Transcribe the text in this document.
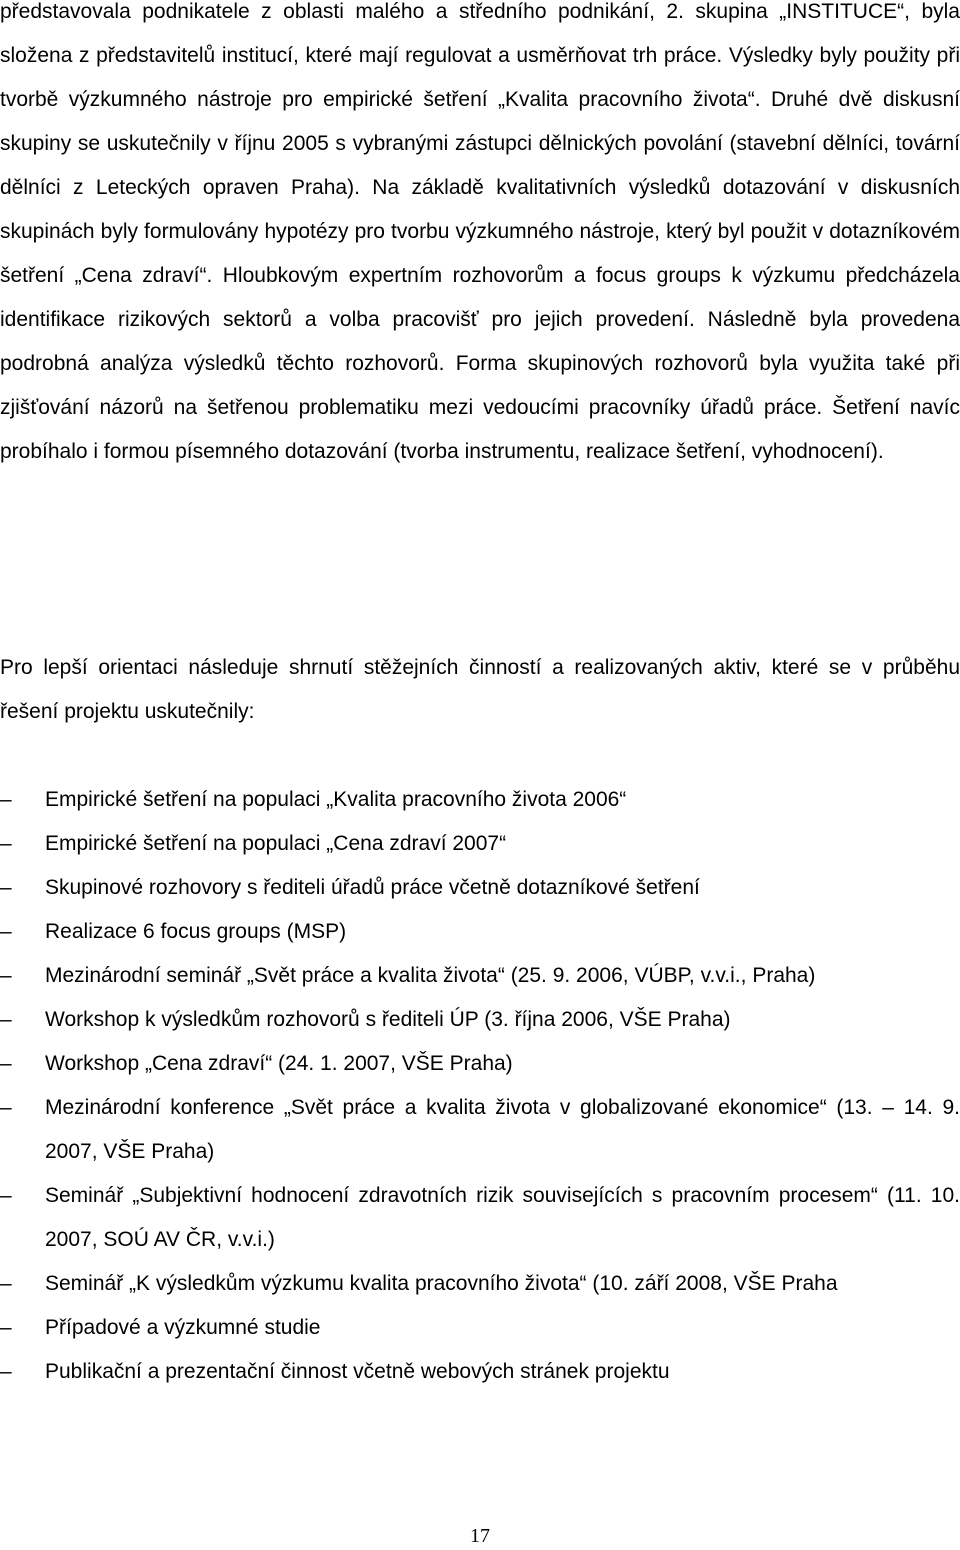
představovala podnikatele z oblasti malého a středního podnikání, 2. skupina „INSTITUCE“, byla složena z představitelů institucí, které mají regulovat a usměrňovat trh práce. Výsledky byly použity při tvorbě výzkumného nástroje pro empirické šetření „Kvalita pracovního života“. Druhé dvě diskusní skupiny se uskutečnily v říjnu 2005 s vybranými zástupci dělnických povolání (stavební dělníci, tovární dělníci z Leteckých opraven Praha). Na základě kvalitativních výsledků dotazování v diskusních skupinách byly formulovány hypotézy pro tvorbu výzkumného nástroje, který byl použit v dotazníkovém šetření „Cena zdraví“. Hloubkovým expertním rozhovorům a focus groups k výzkumu předcházela identifikace rizikových sektorů a volba pracovišť pro jejich provedení. Následně byla provedena podrobná analýza výsledků těchto rozhovorů. Forma skupinových rozhovorů byla využita také při zjišťování názorů na šetřenou problematiku mezi vedoucími pracovníky úřadů práce. Šetření navíc probíhalo i formou písemného dotazování (tvorba instrumentu, realizace šetření, vyhodnocení).

Pro lepší orientaci následuje shrnutí stěžejních činností a realizovaných aktiv, které se v průběhu řešení projektu uskutečnily:

–	Empirické šetření na populaci „Kvalita pracovního života 2006“
–	Empirické šetření na populaci „Cena zdraví 2007“
–	Skupinové rozhovory s řediteli úřadů práce včetně dotazníkové šetření
–	Realizace 6 focus groups (MSP)
–	Mezinárodní seminář „Svět práce a kvalita života“ (25. 9. 2006, VÚBP, v.v.i., Praha)
–	Workshop k výsledkům rozhovorů s řediteli ÚP (3. října 2006, VŠE Praha)
–	Workshop „Cena zdraví“ (24. 1. 2007, VŠE Praha)
–	Mezinárodní konference „Svět práce a kvalita života v globalizované ekonomice“ (13. – 14. 9. 2007, VŠE Praha)
–	Seminář „Subjektivní hodnocení zdravotních rizik souvisejících s pracovním procesem“ (11. 10. 2007, SOÚ AV ČR, v.v.i.)
–	Seminář „K výsledkům výzkumu kvalita pracovního života“ (10. září 2008, VŠE Praha
–	Případové a výzkumné studie
–	Publikační a prezentační činnost včetně webových stránek projektu
17
